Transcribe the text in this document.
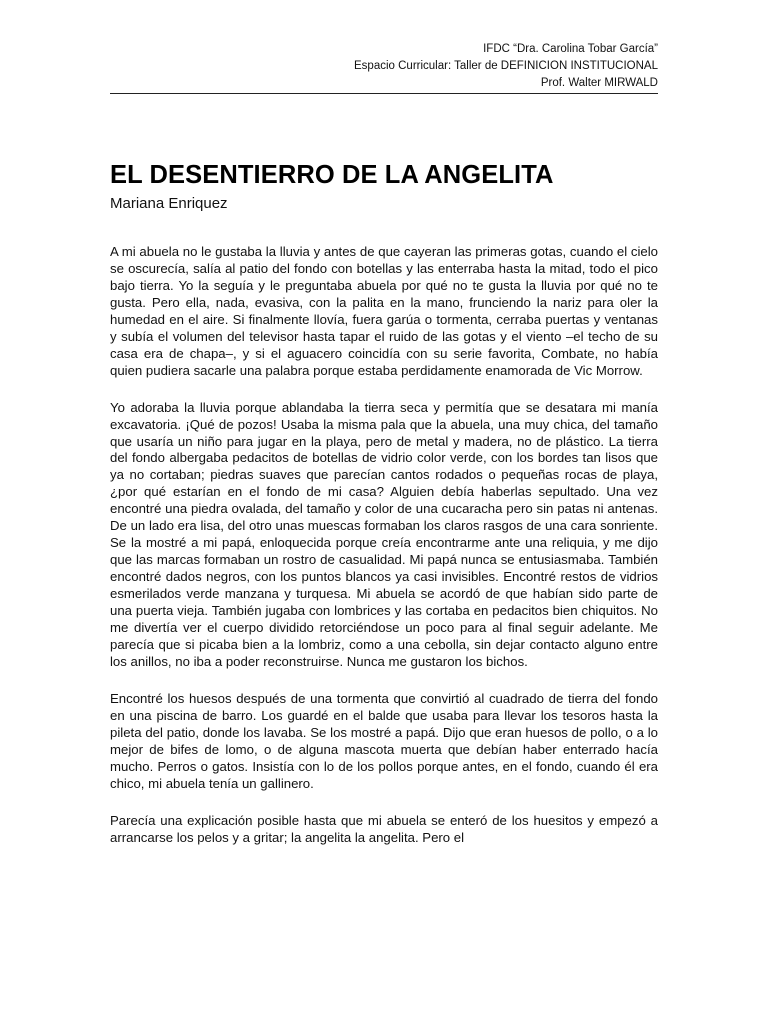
IFDC “Dra. Carolina Tobar García”
Espacio Curricular: Taller de DEFINICION INSTITUCIONAL
Prof. Walter MIRWALD
EL DESENTIERRO DE LA ANGELITA

Mariana Enriquez

A mi abuela no le gustaba la lluvia y antes de que cayeran las primeras gotas, cuando el cielo se oscurecía, salía al patio del fondo con botellas y las enterraba hasta la mitad, todo el pico bajo tierra. Yo la seguía y le preguntaba abuela por qué no te gusta la lluvia por qué no te gusta. Pero ella, nada, evasiva, con la palita en la mano, frunciendo la nariz para oler la humedad en el aire. Si finalmente llovía, fuera garúa o tormenta, cerraba puertas y ventanas y subía el volumen del televisor hasta tapar el ruido de las gotas y el viento –el techo de su casa era de chapa–, y si el aguacero coincidía con su serie favorita, Combate, no había quien pudiera sacarle una palabra porque estaba perdidamente enamorada de Vic Morrow.

Yo adoraba la lluvia porque ablandaba la tierra seca y permitía que se desatara mi manía excavatoria. ¡Qué de pozos! Usaba la misma pala que la abuela, una muy chica, del tamaño que usaría un niño para jugar en la playa, pero de metal y madera, no de plástico. La tierra del fondo albergaba pedacitos de botellas de vidrio color verde, con los bordes tan lisos que ya no cortaban; piedras suaves que parecían cantos rodados o pequeñas rocas de playa, ¿por qué estarían en el fondo de mi casa? Alguien debía haberlas sepultado. Una vez encontré una piedra ovalada, del tamaño y color de una cucaracha pero sin patas ni antenas. De un lado era lisa, del otro unas muescas formaban los claros rasgos de una cara sonriente. Se la mostré a mi papá, enloquecida porque creía encontrarme ante una reliquia, y me dijo que las marcas formaban un rostro de casualidad. Mi papá nunca se entusiasmaba. También encontré dados negros, con los puntos blancos ya casi invisibles. Encontré restos de vidrios esmerilados verde manzana y turquesa. Mi abuela se acordó de que habían sido parte de una puerta vieja. También jugaba con lombrices y las cortaba en pedacitos bien chiquitos. No me divertía ver el cuerpo dividido retorciéndose un poco para al final seguir adelante. Me parecía que si picaba bien a la lombriz, como a una cebolla, sin dejar contacto alguno entre los anillos, no iba a poder reconstruirse. Nunca me gustaron los bichos.

Encontré los huesos después de una tormenta que convirtió al cuadrado de tierra del fondo en una piscina de barro. Los guardé en el balde que usaba para llevar los tesoros hasta la pileta del patio, donde los lavaba. Se los mostré a papá. Dijo que eran huesos de pollo, o a lo mejor de bifes de lomo, o de alguna mascota muerta que debían haber enterrado hacía mucho. Perros o gatos. Insistía con lo de los pollos porque antes, en el fondo, cuando él era chico, mi abuela tenía un gallinero.

Parecía una explicación posible hasta que mi abuela se enteró de los huesitos y empezó a arrancarse los pelos y a gritar; la angelita la angelita. Pero el
